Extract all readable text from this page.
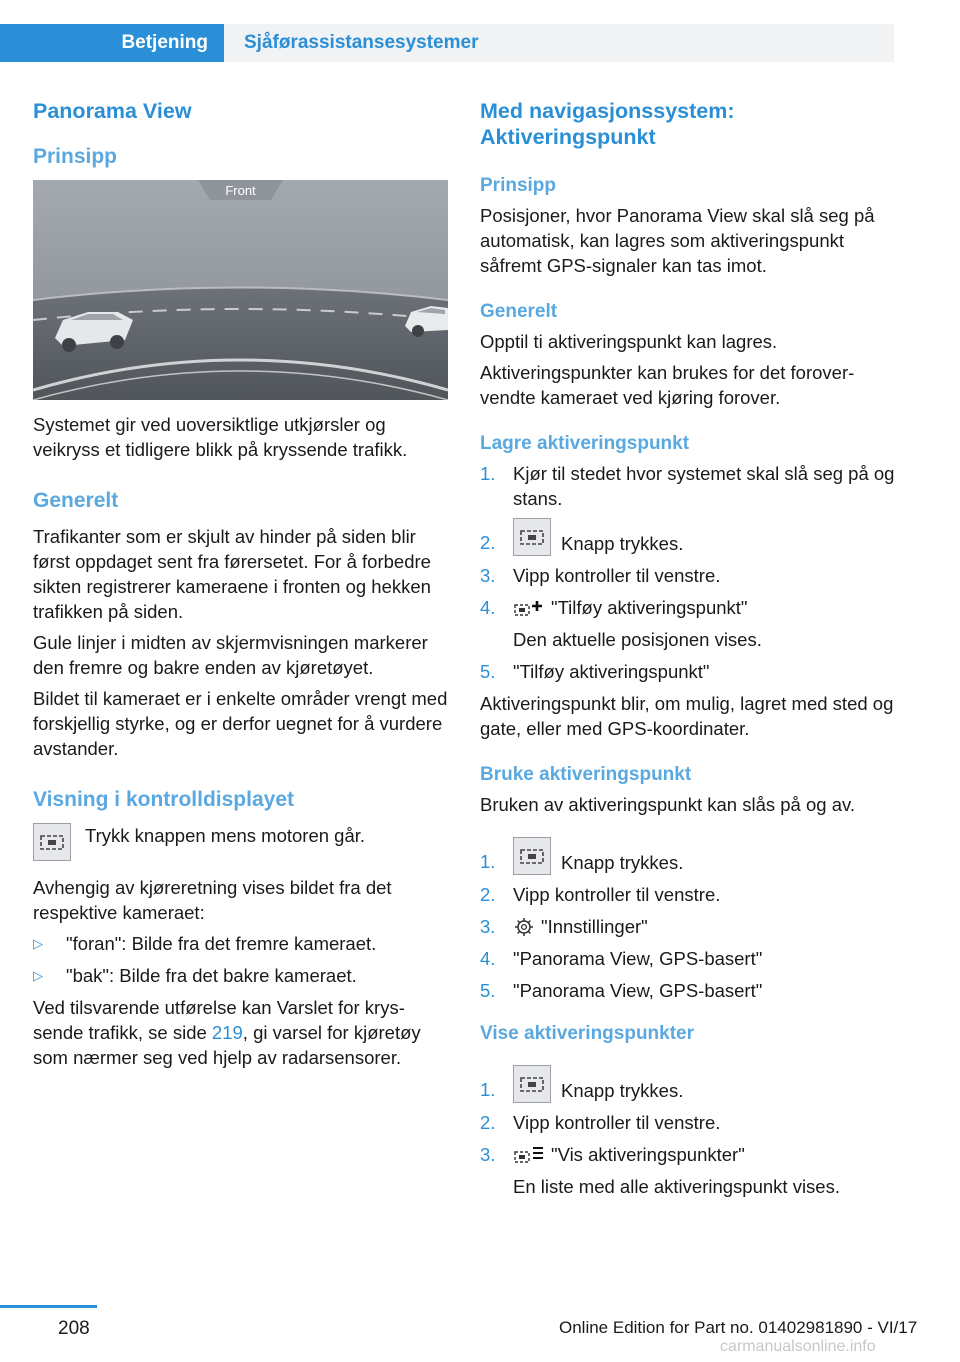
Betjening	Sjåførassistansesystemer
Panorama View
Prinsipp
Front

Systemet gir ved uoversiktlige utkjørsler og veikryss et tidligere blikk på kryssende trafikk.

Generelt

Trafikanter som er skjult av hinder på siden blir først oppdaget sent fra førersetet. For å forbedre sikten registrerer kameraene i fronten og hekken trafikken på siden.

Gule linjer i midten av skjermvisningen markerer den fremre og bakre enden av kjøretøyet.

Bildet til kameraet er i enkelte områder vrengt med forskjellig styrke, og er derfor uegnet for å vurdere avstander.

Visning i kontrolldisplayet

Trykk knappen mens motoren går.

Avhengig av kjøreretning vises bildet fra det respektive kameraet:

▷ "foran": Bilde fra det fremre kameraet.
▷ "bak": Bilde fra det bakre kameraet.

Ved tilsvarende utførelse kan Varslet for kryssende trafikk, se side 219, gi varsel for kjøretøy som nærmer seg ved hjelp av radarsensorer.

Med navigasjonssystem: Aktiveringspunkt
Prinsipp

Posisjoner, hvor Panorama View skal slå seg på automatisk, kan lagres som aktiveringspunkt såfremt GPS-signaler kan tas imot.

Generelt

Opptil ti aktiveringspunkt kan lagres.

Aktiveringspunkter kan brukes for det forovervendte kameraet ved kjøring forover.

Lagre aktiveringspunkt
1. Kjør til stedet hvor systemet skal slå seg på og stans.
2.	Knapp trykkes.
3. Vipp kontroller til venstre.
4.	"Tilføy aktiveringspunkt"
Den aktuelle posisjonen vises.
5. "Tilføy aktiveringspunkt"

Aktiveringspunkt blir, om mulig, lagret med sted og gate, eller med GPS-koordinater.

Bruke aktiveringspunkt

Bruken av aktiveringspunkt kan slås på og av.

1.	Knapp trykkes.
2. Vipp kontroller til venstre.
3. "Innstillinger"
4. "Panorama View, GPS-basert"
5. "Panorama View, GPS-basert"
Vise aktiveringspunkter
1.	Knapp trykkes.
2. Vipp kontroller til venstre.
3.	"Vis aktiveringspunkter"
En liste med alle aktiveringspunkt vises.
208	Online Edition for Part no. 01402981890 - VI/17
carmanualsonline.info
